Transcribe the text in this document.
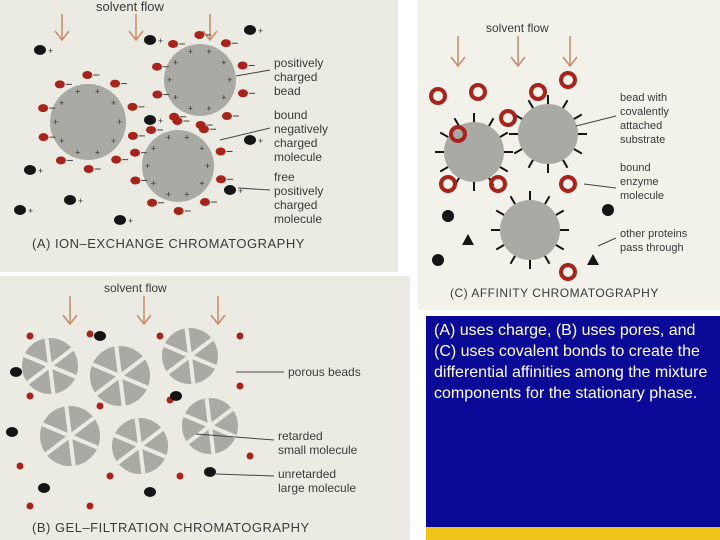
+
+
+
+
+
+
+
+ +
+
+
+
+
+
+
+
+
+ +
+
+
+
+
+
+
+
+
+ +
+
+
+
+
+
+
+
+
+
+
+
solvent flow
positively
charged
bead
bound
negatively
charged
molecule
free
positively
charged
molecule
(A) ION–EXCHANGE CHROMATOGRAPHY
solvent flow
bead with
covalently
attached
substrate
bound
enzyme
molecule
other proteins
pass through
(C) AFFINITY CHROMATOGRAPHY
solvent flow
porous beads
retarded
small molecule
unretarded
large molecule
(B) GEL–FILTRATION CHROMATOGRAPHY
(A) uses charge, (B) uses pores, and (C) uses covalent bonds to create the differential affinities among the mixture components for the stationary phase.
